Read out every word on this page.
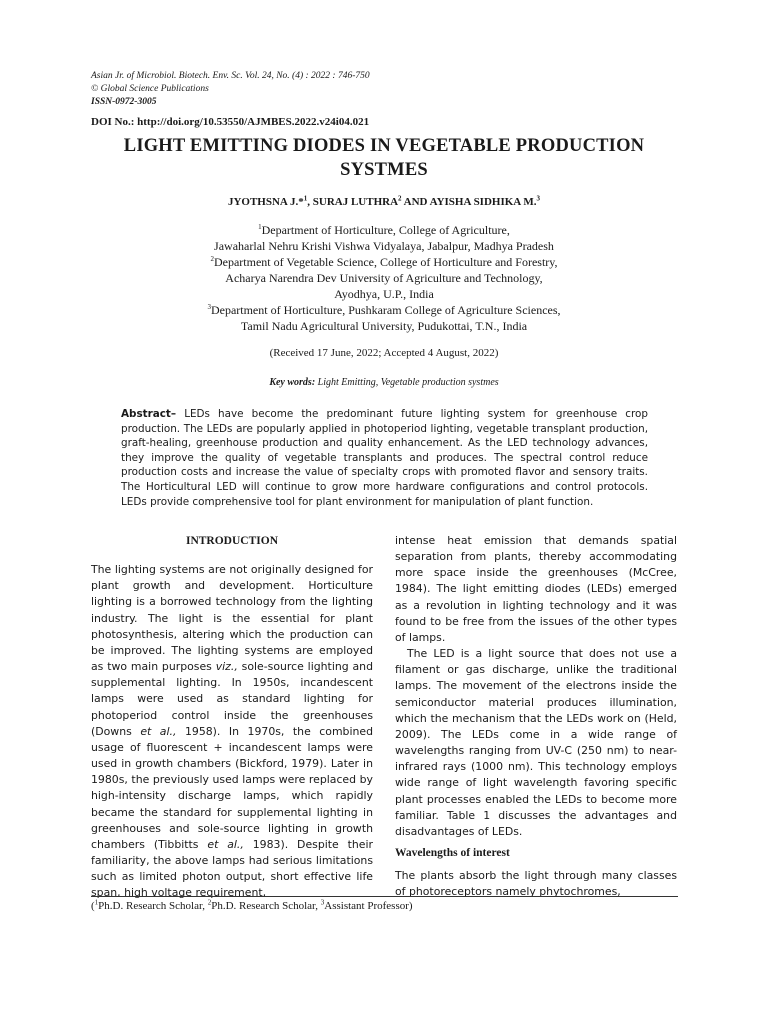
Asian Jr. of Microbiol. Biotech. Env. Sc. Vol. 24, No. (4) : 2022 : 746-750
© Global Science Publications
ISSN-0972-3005
DOI No.: http://doi.org/10.53550/AJMBES.2022.v24i04.021
LIGHT EMITTING DIODES IN VEGETABLE PRODUCTION
SYSTMES
JYOTHSNA J.*$^1$, SURAJ LUTHRA$^2$ AND AYISHA SIDHIKA M.$^3$
$^1$Department of Horticulture, College of Agriculture,
Jawaharlal Nehru Krishi Vishwa Vidyalaya, Jabalpur, Madhya Pradesh
$^2$Department of Vegetable Science, College of Horticulture and Forestry,
Acharya Narendra Dev University of Agriculture and Technology,
Ayodhya, U.P., India
$^3$Department of Horticulture, Pushkaram College of Agriculture Sciences,
Tamil Nadu Agricultural University, Pudukottai, T.N., India
(Received 17 June, 2022; Accepted 4 August, 2022)
Key words: Light Emitting, Vegetable production systmes
Abstract– LEDs have become the predominant future lighting system for greenhouse crop production. The LEDs are popularly applied in photoperiod lighting, vegetable transplant production, graft-healing, greenhouse production and quality enhancement. As the LED technology advances, they improve the quality of vegetable transplants and produces. The spectral control reduce production costs and increase the value of specialty crops with promoted flavor and sensory traits. The Horticultural LED will continue to grow more hardware configurations and control protocols. LEDs provide comprehensive tool for plant environment for manipulation of plant function.

INTRODUCTION

The lighting systems are not originally designed for plant growth and development. Horticulture lighting is a borrowed technology from the lighting industry. The light is the essential for plant photosynthesis, altering which the production can be improved. The lighting systems are employed as two main purposes viz., sole-source lighting and supplemental lighting. In 1950s, incandescent lamps were used as standard lighting for photoperiod control inside the greenhouses (Downs et al., 1958). In 1970s, the combined usage of fluorescent + incandescent lamps were used in growth chambers (Bickford, 1979). Later in 1980s, the previously used lamps were replaced by high-intensity discharge lamps, which rapidly became the standard for supplemental lighting in greenhouses and sole-source lighting in growth chambers (Tibbitts et al., 1983). Despite their familiarity, the above lamps had serious limitations such as limited photon output, short effective life span, high voltage requirement,

intense heat emission that demands spatial separation from plants, thereby accommodating more space inside the greenhouses (McCree, 1984). The light emitting diodes (LEDs) emerged as a revolution in lighting technology and it was found to be free from the issues of the other types of lamps.

The LED is a light source that does not use a filament or gas discharge, unlike the traditional lamps. The movement of the electrons inside the semiconductor material produces illumination, which the mechanism that the LEDs work on (Held, 2009). The LEDs come in a wide range of wavelengths ranging from UV-C (250 nm) to near-infrared rays (1000 nm). This technology employs wide range of light wavelength favoring specific plant processes enabled the LEDs to become more familiar. Table 1 discusses the advantages and disadvantages of LEDs.

Wavelengths of interest

The plants absorb the light through many classes of photoreceptors namely phytochromes,

($^1$Ph.D. Research Scholar, $^2$Ph.D. Research Scholar, $^3$Assistant Professor)
